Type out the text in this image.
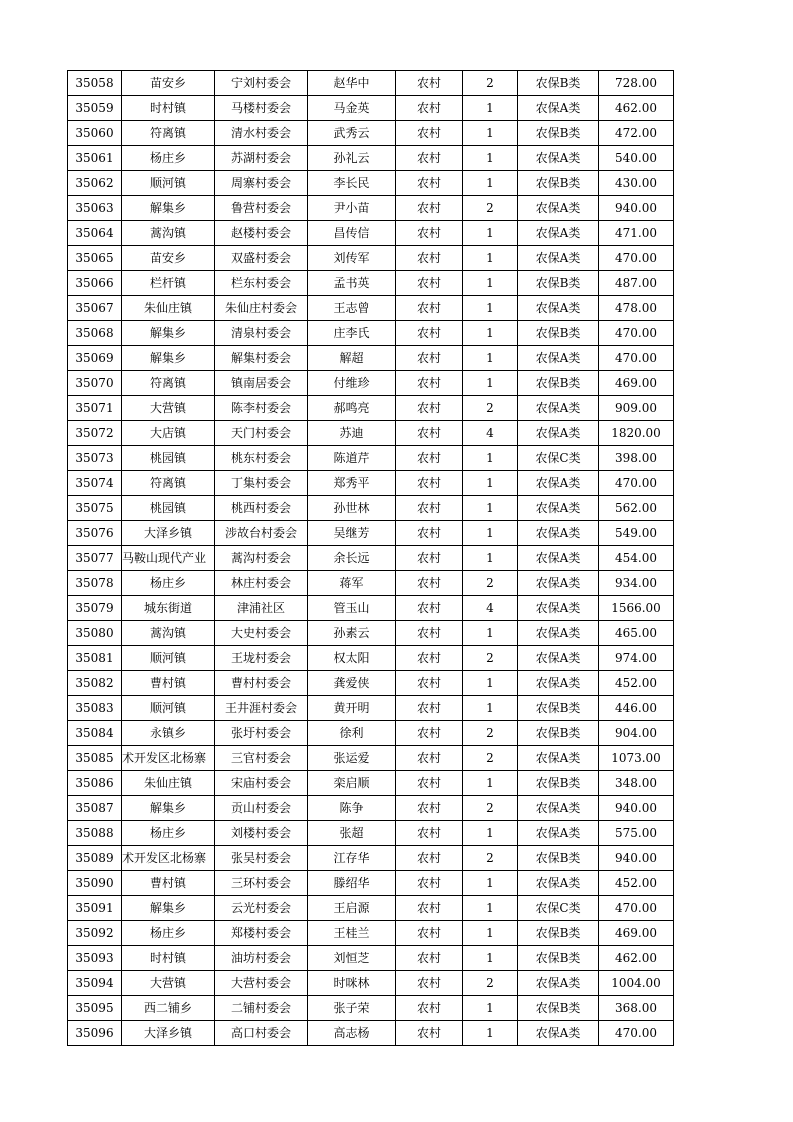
35058	苗安乡	宁刘村委会	赵华中	农村	2	农保B类	728.00
35059	时村镇	马楼村委会	马金英	农村	1	农保A类	462.00
35060	符离镇	清水村委会	武秀云	农村	1	农保B类	472.00
35061	杨庄乡	苏湖村委会	孙礼云	农村	1	农保A类	540.00
35062	顺河镇	周寨村委会	李长民	农村	1	农保B类	430.00
35063	解集乡	鲁营村委会	尹小苗	农村	2	农保A类	940.00
35064	蒿沟镇	赵楼村委会	昌传信	农村	1	农保A类	471.00
35065	苗安乡	双盛村委会	刘传军	农村	1	农保A类	470.00
35066	栏杆镇	栏东村委会	孟书英	农村	1	农保B类	487.00
35067	朱仙庄镇	朱仙庄村委会	王志曾	农村	1	农保A类	478.00
35068	解集乡	清泉村委会	庄李氏	农村	1	农保B类	470.00
35069	解集乡	解集村委会	解超	农村	1	农保A类	470.00
35070	符离镇	镇南居委会	付维珍	农村	1	农保B类	469.00
35071	大营镇	陈李村委会	郝鸣亮	农村	2	农保A类	909.00
35072	大店镇	天门村委会	苏迪	农村	4	农保A类	1820.00
35073	桃园镇	桃东村委会	陈道芹	农村	1	农保C类	398.00
35074	符离镇	丁集村委会	郑秀平	农村	1	农保A类	470.00
35075	桃园镇	桃西村委会	孙世林	农村	1	农保A类	562.00
35076	大泽乡镇	涉故台村委会	吴继芳	农村	1	农保A类	549.00
35077	马鞍山现代产业	蒿沟村委会	余长远	农村	1	农保A类	454.00
35078	杨庄乡	林庄村委会	蒋军	农村	2	农保A类	934.00
35079	城东街道	津浦社区	管玉山	农村	4	农保A类	1566.00
35080	蒿沟镇	大史村委会	孙素云	农村	1	农保A类	465.00
35081	顺河镇	王垅村委会	权太阳	农村	2	农保A类	974.00
35082	曹村镇	曹村村委会	龚爱侠	农村	1	农保A类	452.00
35083	顺河镇	王井涯村委会	黄开明	农村	1	农保B类	446.00
35084	永镇乡	张圩村委会	徐利	农村	2	农保B类	904.00
35085	术开发区北杨寨	三官村委会	张运爱	农村	2	农保A类	1073.00
35086	朱仙庄镇	宋庙村委会	栾启顺	农村	1	农保B类	348.00
35087	解集乡	贡山村委会	陈争	农村	2	农保A类	940.00
35088	杨庄乡	刘楼村委会	张超	农村	1	农保A类	575.00
35089	术开发区北杨寨	张吴村委会	江存华	农村	2	农保B类	940.00
35090	曹村镇	三环村委会	滕绍华	农村	1	农保A类	452.00
35091	解集乡	云光村委会	王启源	农村	1	农保C类	470.00
35092	杨庄乡	郑楼村委会	王桂兰	农村	1	农保B类	469.00
35093	时村镇	油坊村委会	刘恒芝	农村	1	农保B类	462.00
35094	大营镇	大营村委会	时咪林	农村	2	农保A类	1004.00
35095	西二铺乡	二铺村委会	张子荣	农村	1	农保B类	368.00
35096	大泽乡镇	高口村委会	高志杨	农村	1	农保A类	470.00
